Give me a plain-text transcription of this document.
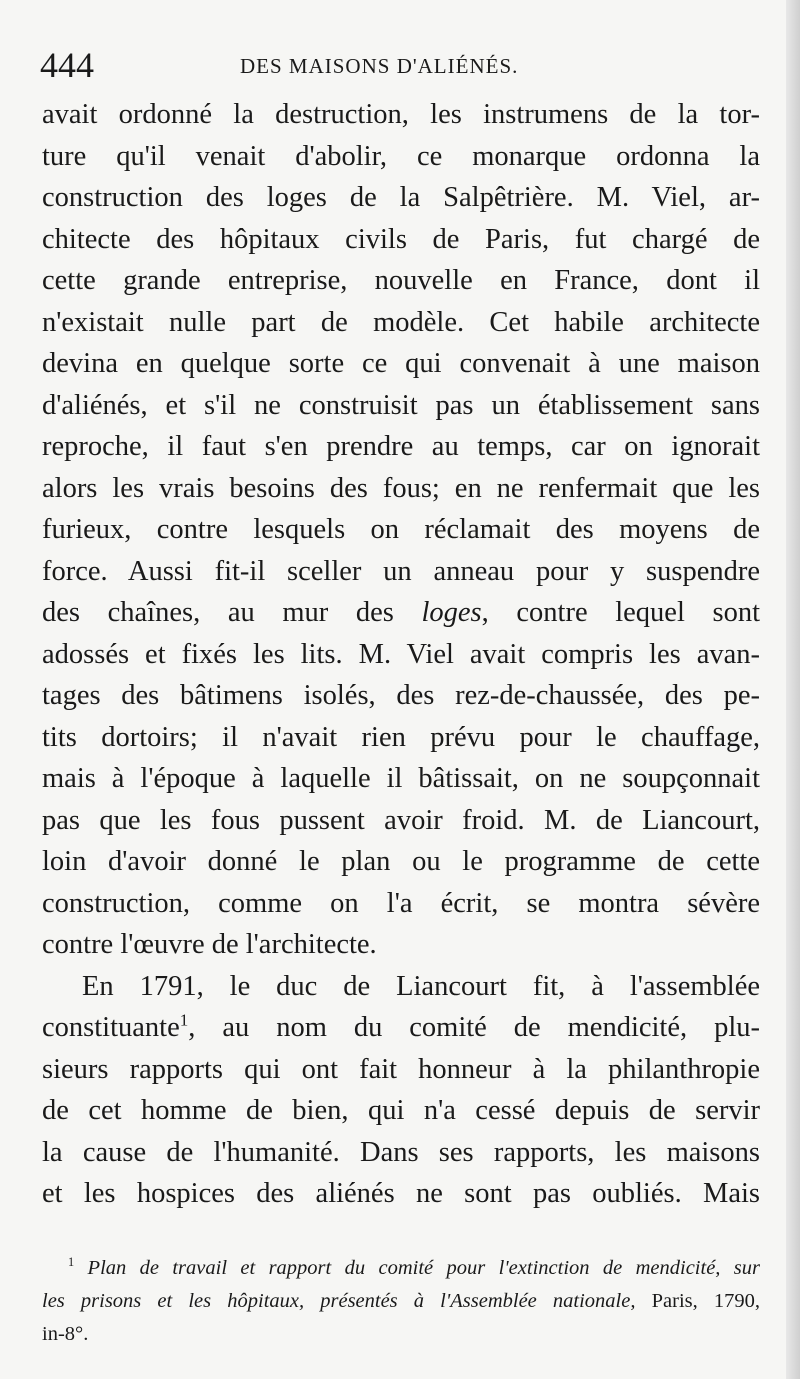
444	DES MAISONS D'ALIÉNÉS.
avait ordonné la destruction, les instrumens de la tor-
ture qu'il venait d'abolir, ce monarque ordonna la
construction des loges de la Salpêtrière. M. Viel, ar-
chitecte des hôpitaux civils de Paris, fut chargé de
cette grande entreprise, nouvelle en France, dont il
n'existait nulle part de modèle. Cet habile architecte
devina en quelque sorte ce qui convenait à une maison
d'aliénés, et s'il ne construisit pas un établissement sans
reproche, il faut s'en prendre au temps, car on ignorait
alors les vrais besoins des fous; en ne renfermait que les
furieux, contre lesquels on réclamait des moyens de
force. Aussi fit-il sceller un anneau pour y suspendre
des chaînes, au mur des loges, contre lequel sont
adossés et fixés les lits. M. Viel avait compris les avan-
tages des bâtimens isolés, des rez-de-chaussée, des pe-
tits dortoirs; il n'avait rien prévu pour le chauffage,
mais à l'époque à laquelle il bâtissait, on ne soupçonnait
pas que les fous pussent avoir froid. M. de Liancourt,
loin d'avoir donné le plan ou le programme de cette
construction, comme on l'a écrit, se montra sévère
contre l'œuvre de l'architecte.
En 1791, le duc de Liancourt fit, à l'assemblée
constituante$^1$, au nom du comité de mendicité, plu-
sieurs rapports qui ont fait honneur à la philanthropie
de cet homme de bien, qui n'a cessé depuis de servir
la cause de l'humanité. Dans ses rapports, les maisons
et les hospices des aliénés ne sont pas oubliés. Mais
$^1$ Plan de travail et rapport du comité pour l'extinction de mendicité, sur
les prisons et les hôpitaux, présentés à l'Assemblée nationale, Paris, 1790,
in-8°.
